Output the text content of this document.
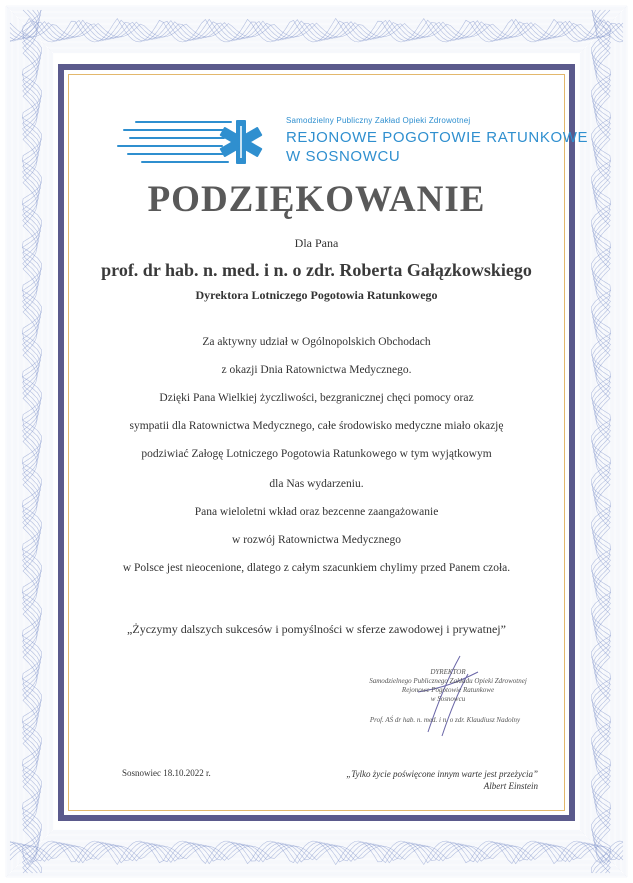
Samodzielny Publiczny Zakład Opieki Zdrowotnej
REJONOWE POGOTOWIE RATUNKOWE
W SOSNOWCU
PODZIĘKOWANIE
Dla Pana
prof. dr hab. n. med. i n. o zdr. Roberta Gałązkowskiego
Dyrektora Lotniczego Pogotowia Ratunkowego
Za aktywny udział w Ogólnopolskich Obchodach
z okazji Dnia Ratownictwa Medycznego.
Dzięki Pana Wielkiej życzliwości, bezgranicznej chęci pomocy oraz
sympatii dla Ratownictwa Medycznego, całe środowisko medyczne miało okazję
podziwiać Załogę Lotniczego Pogotowia Ratunkowego w tym wyjątkowym
dla Nas wydarzeniu.
Pana wieloletni wkład oraz bezcenne zaangażowanie
w rozwój Ratownictwa Medycznego
w Polsce jest nieocenione, dlatego z całym szacunkiem chylimy przed Panem czoła.
„Życzymy dalszych sukcesów i pomyślności w sferze zawodowej i prywatnej”
DYREKTOR
Samodzielnego Publicznego Zakładu Opieki Zdrowotnej
Rejonowe Pogotowie Ratunkowe
w Sosnowcu
Prof. AŚ dr hab. n. med. i n. o zdr. Klaudiusz Nadolny
Sosnowiec 18.10.2022 r.	„Tylko życie poświęcone innym warte jest przeżycia”
Albert Einstein
